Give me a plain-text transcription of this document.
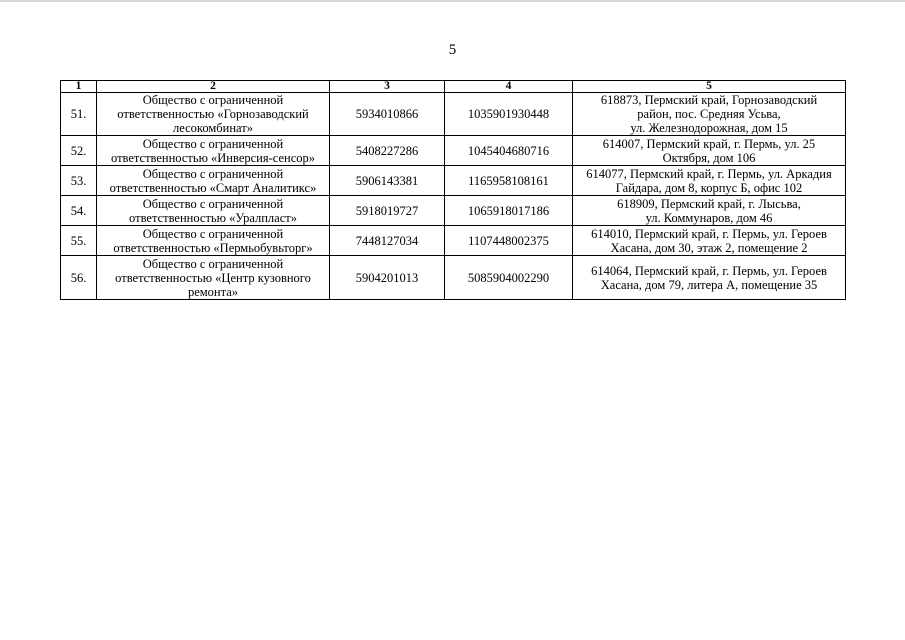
5
1	2	3	4	5
51.	Общество с ограниченной
ответственностью «Горнозаводский
лесокомбинат»	5934010866	1035901930448	618873, Пермский край, Горнозаводский
район, пос. Средняя Усьва,
ул. Железнодорожная, дом 15

52.	Общество с ограниченной
ответственностью «Инверсия-сенсор»	5408227286	1045404680716	614007, Пермский край, г. Пермь, ул. 25
Октября, дом 106

53.	Общество с ограниченной
ответственностью «Смарт Аналитикс»	5906143381	1165958108161	614077, Пермский край, г. Пермь, ул. Аркадия
Гайдара, дом 8, корпус Б, офис 102

54.	Общество с ограниченной
ответственностью «Уралпласт»	5918019727	1065918017186	618909, Пермский край, г. Лысьва,
ул. Коммунаров, дом 46

55.	Общество с ограниченной
ответственностью «Пермьобувьторг»	7448127034	1107448002375	614010, Пермский край, г. Пермь, ул. Героев
Хасана, дом 30, этаж 2, помещение 2

56.	Общество с ограниченной
ответственностью «Центр кузовного
ремонта»	5904201013	5085904002290	614064, Пермский край, г. Пермь, ул. Героев
Хасана, дом 79, литера А, помещение 35
